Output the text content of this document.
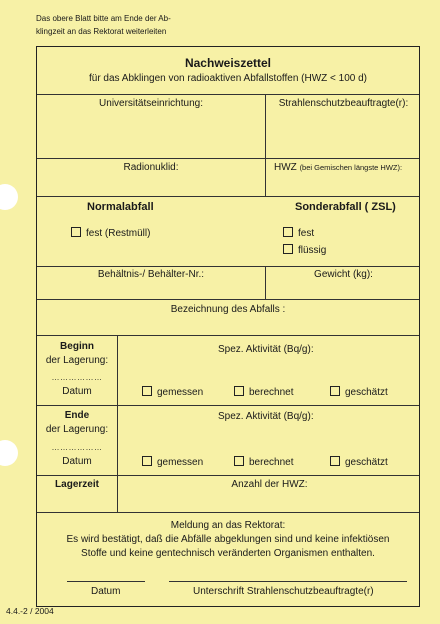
Das obere Blatt bitte am Ende der Ab-
klingzeit an das Rektorat weiterleiten
Nachweiszettel
für das Abklingen von radioaktiven Abfallstoffen (HWZ < 100 d)
Universitätseinrichtung:	Strahlenschutzbeauftragte(r):
Radionuklid:	HWZ (bei Gemischen längste HWZ):
Normalabfall	Sonderabfall ( ZSL)
fest (Restmüll)	fest
flüssig
Behältnis-/ Behälter-Nr.:	Gewicht (kg):
Bezeichnung des Abfalls :
Beginn
der Lagerung:
………………
Datum
Spez. Aktivität (Bq/g):
gemessen	berechnet	geschätzt
Ende
der Lagerung:
………………
Datum
Spez. Aktivität (Bq/g):
gemessen	berechnet	geschätzt
Lagerzeit	Anzahl der HWZ:
Meldung an das Rektorat:
Es wird bestätigt, daß die Abfälle abgeklungen sind und keine infektiösen
Stoffe und keine gentechnisch veränderten Organismen enthalten.
Datum	Unterschrift Strahlenschutzbeauftragte(r)
4.4.-2 / 2004
